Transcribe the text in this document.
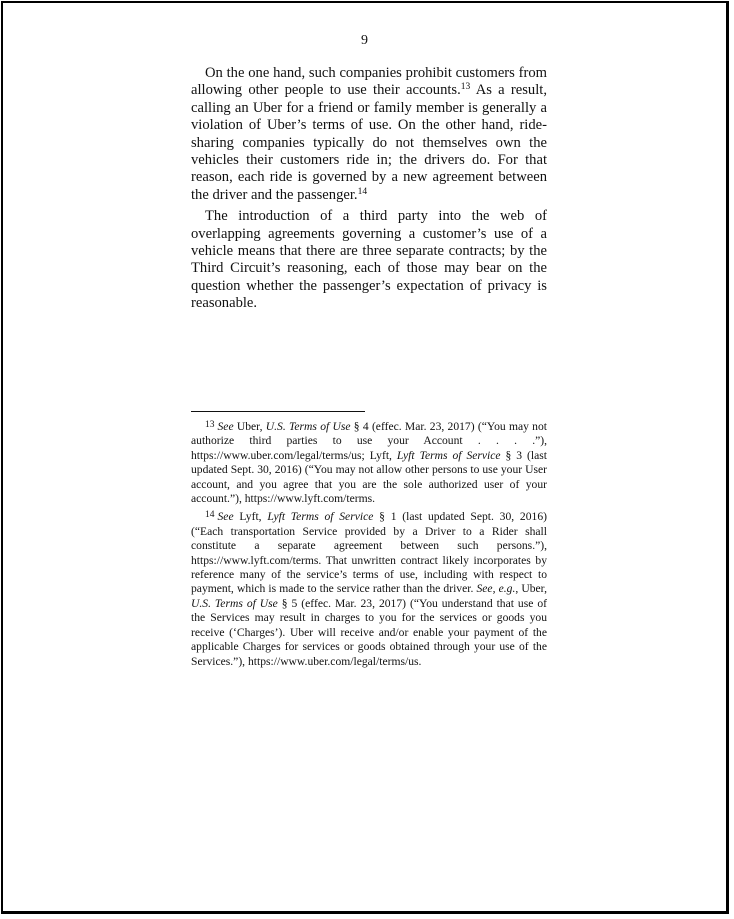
9

On the one hand, such companies prohibit customers from allowing other people to use their accounts.$^{13}$ As a result, calling an Uber for a friend or family member is generally a violation of Uber’s terms of use. On the other hand, ride-sharing companies typically do not themselves own the vehicles their customers ride in; the drivers do. For that reason, each ride is governed by a new agreement between the driver and the passenger.$^{14}$

The introduction of a third party into the web of overlapping agreements governing a customer’s use of a vehicle means that there are three separate contracts; by the Third Circuit’s reasoning, each of those may bear on the question whether the passenger’s expectation of privacy is reasonable.

$^{13}$ See Uber, U.S. Terms of Use § 4 (effec. Mar. 23, 2017) (“You may not authorize third parties to use your Account . . . .”), https://www.uber.com/legal/terms/us; Lyft, Lyft Terms of Service § 3 (last updated Sept. 30, 2016) (“You may not allow other persons to use your User account, and you agree that you are the sole authorized user of your account.”), https://www.lyft.com/terms.

$^{14}$ See Lyft, Lyft Terms of Service § 1 (last updated Sept. 30, 2016) (“Each transportation Service provided by a Driver to a Rider shall constitute a separate agreement between such persons.”), https://www.lyft.com/terms. That unwritten contract likely incorporates by reference many of the service’s terms of use, including with respect to payment, which is made to the service rather than the driver. See, e.g., Uber, U.S. Terms of Use § 5 (effec. Mar. 23, 2017) (“You understand that use of the Services may result in charges to you for the services or goods you receive (‘Charges’). Uber will receive and/or enable your payment of the applicable Charges for services or goods obtained through your use of the Services.”), https://www.uber.com/legal/terms/us.
